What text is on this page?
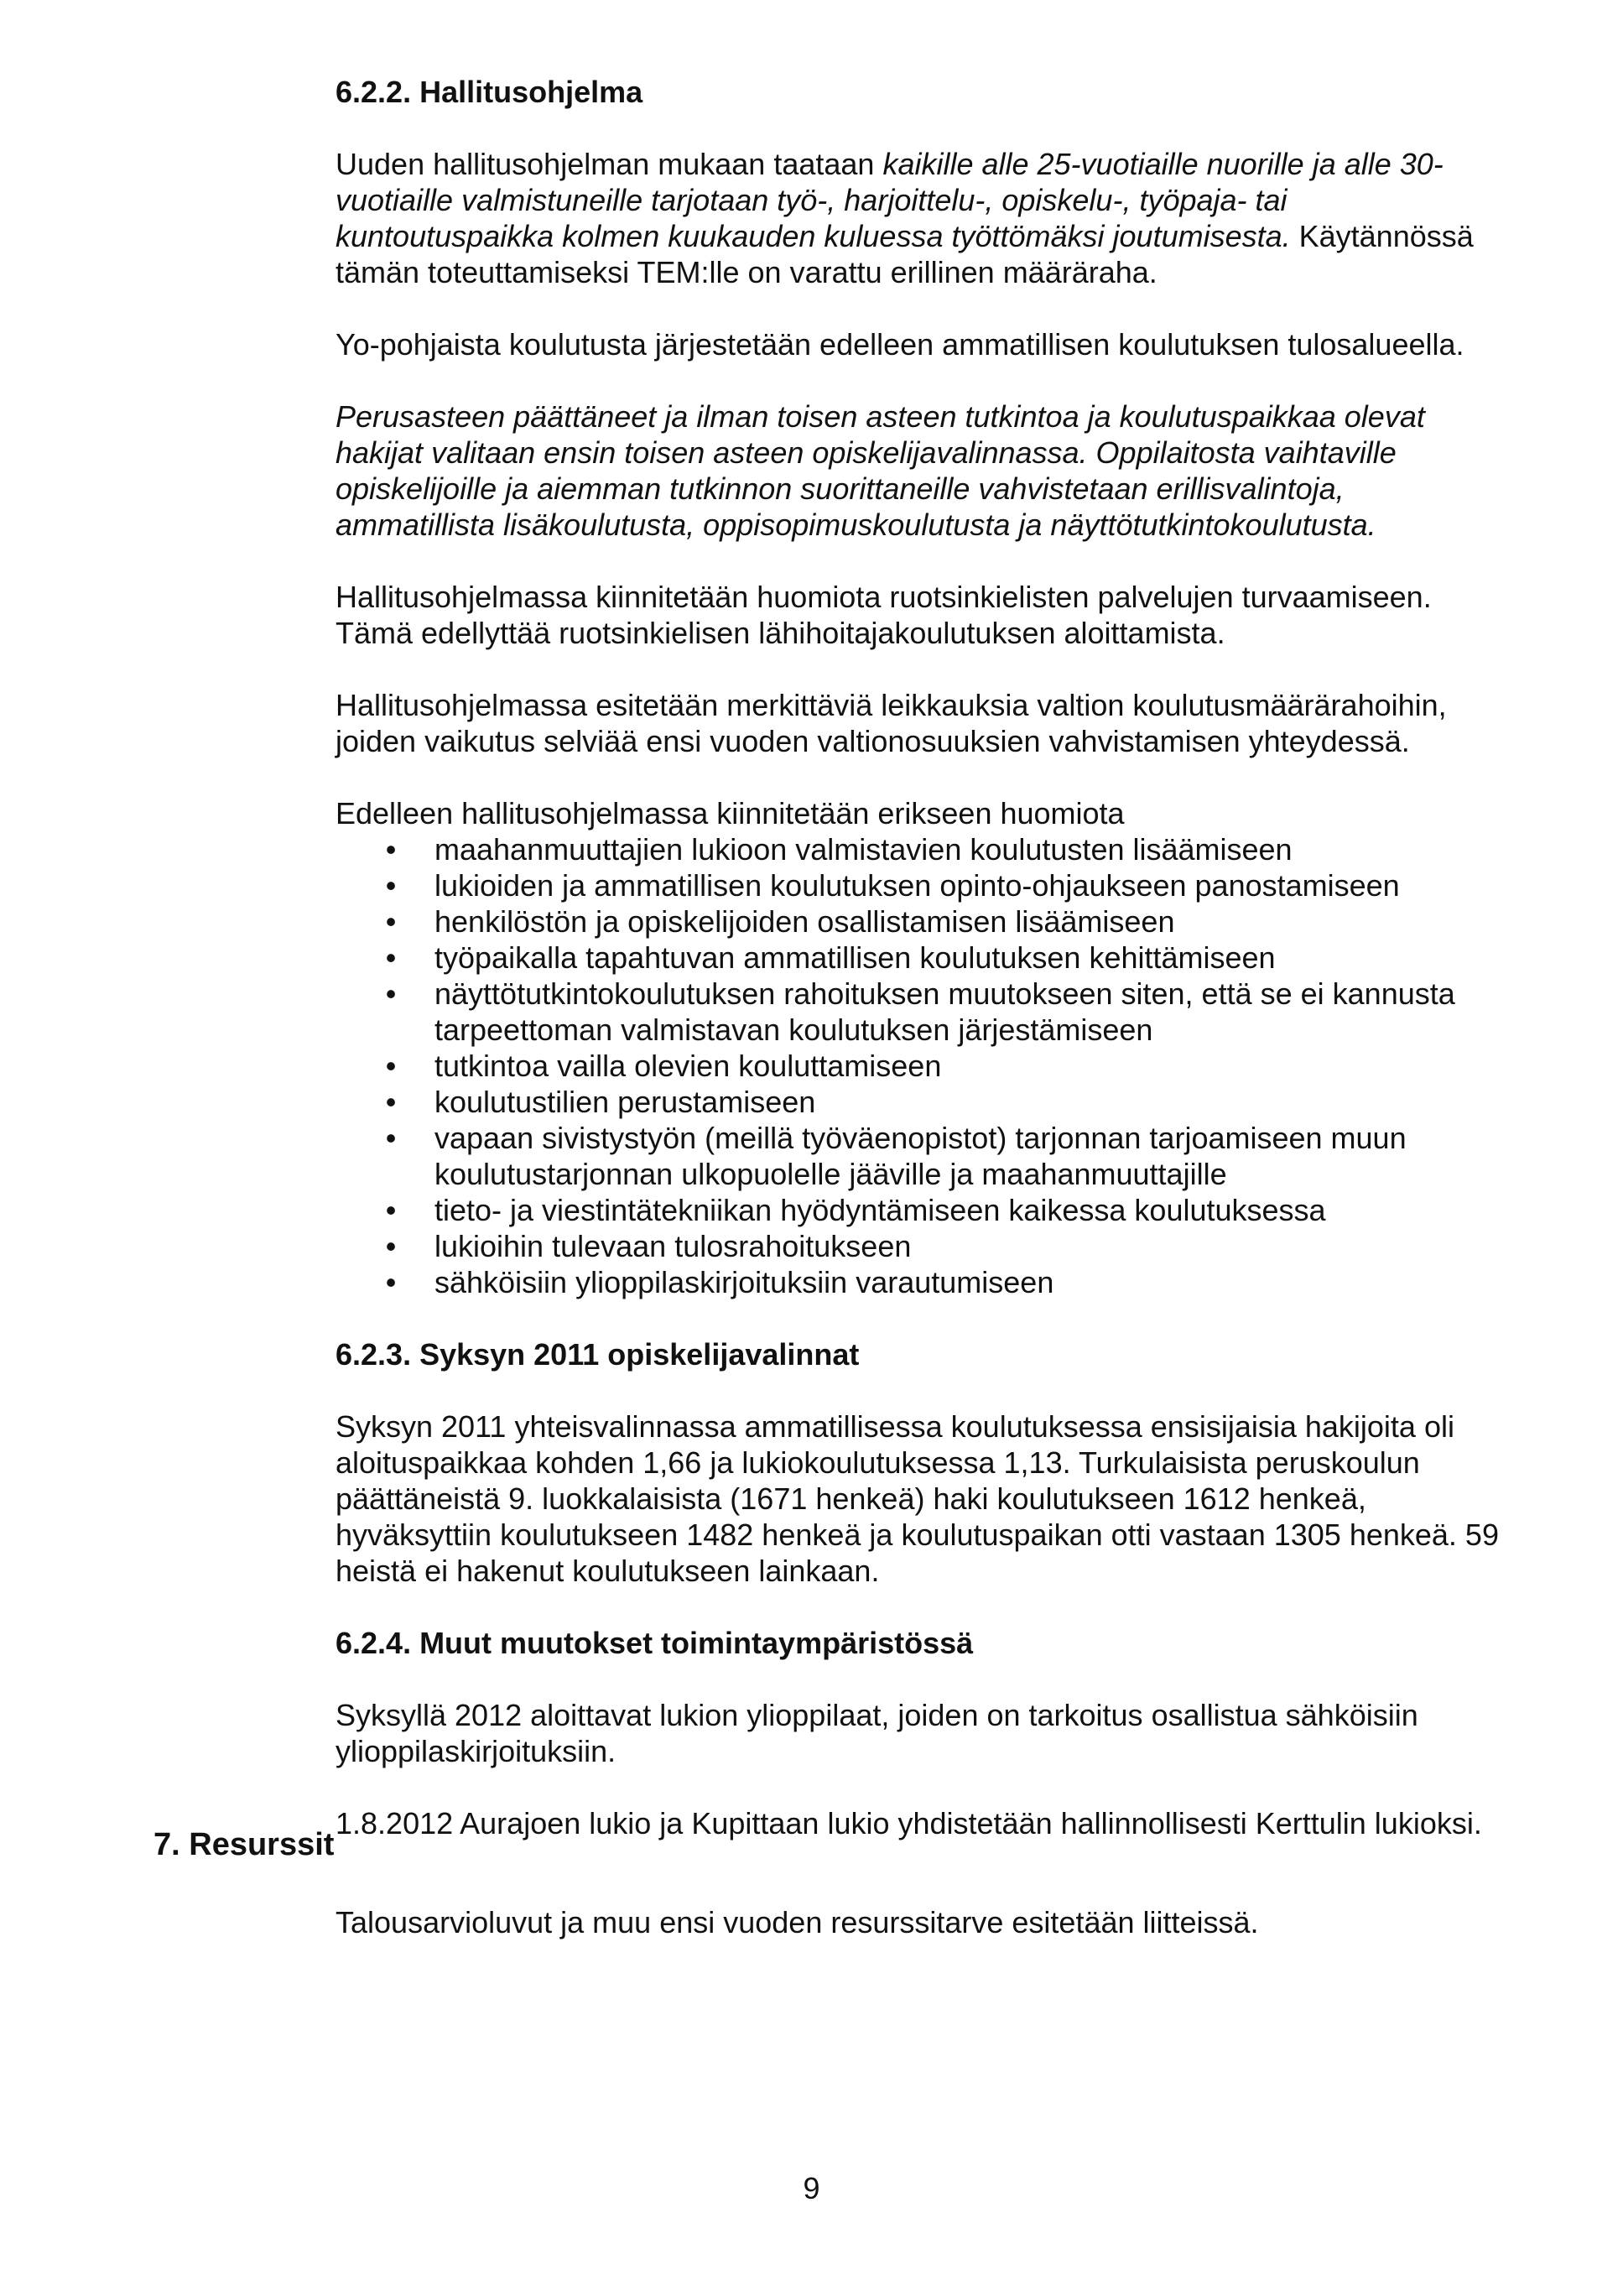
6.2.2. Hallitusohjelma

Uuden hallitusohjelman mukaan taataan kaikille alle 25-vuotiaille nuorille ja alle 30-vuotiaille valmistuneille tarjotaan työ-, harjoittelu-, opiskelu-, työpaja- tai kuntoutuspaikka kolmen kuukauden kuluessa työttömäksi joutumisesta. Käytännössä tämän toteuttamiseksi TEM:lle on varattu erillinen määräraha.

Yo-pohjaista koulutusta järjestetään edelleen ammatillisen koulutuksen tulosalueella.

Perusasteen päättäneet ja ilman toisen asteen tutkintoa ja koulutuspaikkaa olevat hakijat valitaan ensin toisen asteen opiskelijavalinnassa. Oppilaitosta vaihtaville opiskelijoille ja aiemman tutkinnon suorittaneille vahvistetaan erillisvalintoja, ammatillista lisäkoulutusta, oppisopimuskoulutusta ja näyttötutkintokoulutusta.

Hallitusohjelmassa kiinnitetään huomiota ruotsinkielisten palvelujen turvaamiseen. Tämä edellyttää ruotsinkielisen lähihoitajakoulutuksen aloittamista.

Hallitusohjelmassa esitetään merkittäviä leikkauksia valtion koulutusmäärärahoihin, joiden vaikutus selviää ensi vuoden valtionosuuksien vahvistamisen yhteydessä.

Edelleen hallitusohjelmassa kiinnitetään erikseen huomiota

• maahanmuuttajien lukioon valmistavien koulutusten lisäämiseen
• lukioiden ja ammatillisen koulutuksen opinto-ohjaukseen panostamiseen
• henkilöstön ja opiskelijoiden osallistamisen lisäämiseen
• työpaikalla tapahtuvan ammatillisen koulutuksen kehittämiseen
• näyttötutkintokoulutuksen rahoituksen muutokseen siten, että se ei kannusta tarpeettoman valmistavan koulutuksen järjestämiseen
• tutkintoa vailla olevien kouluttamiseen
• koulutustilien perustamiseen
• vapaan sivistystyön (meillä työväenopistot) tarjonnan tarjoamiseen muun koulutustarjonnan ulkopuolelle jääville ja maahanmuuttajille
• tieto- ja viestintätekniikan hyödyntämiseen kaikessa koulutuksessa
• lukioihin tulevaan tulosrahoitukseen
• sähköisiin ylioppilaskirjoituksiin varautumiseen
6.2.3. Syksyn 2011 opiskelijavalinnat

Syksyn 2011 yhteisvalinnassa ammatillisessa koulutuksessa ensisijaisia hakijoita oli aloituspaikkaa kohden 1,66 ja lukiokoulutuksessa 1,13. Turkulaisista peruskoulun päättäneistä 9. luokkalaisista (1671 henkeä) haki koulutukseen 1612 henkeä, hyväksyttiin koulutukseen 1482 henkeä ja koulutuspaikan otti vastaan 1305 henkeä. 59 heistä ei hakenut koulutukseen lainkaan.

6.2.4. Muut muutokset toimintaympäristössä

Syksyllä 2012 aloittavat lukion ylioppilaat, joiden on tarkoitus osallistua sähköisiin ylioppilaskirjoituksiin.

1.8.2012 Aurajoen lukio ja Kupittaan lukio yhdistetään hallinnollisesti Kerttulin lukioksi.

7. Resurssit

Talousarvioluvut ja muu ensi vuoden resurssitarve esitetään liitteissä.

9
